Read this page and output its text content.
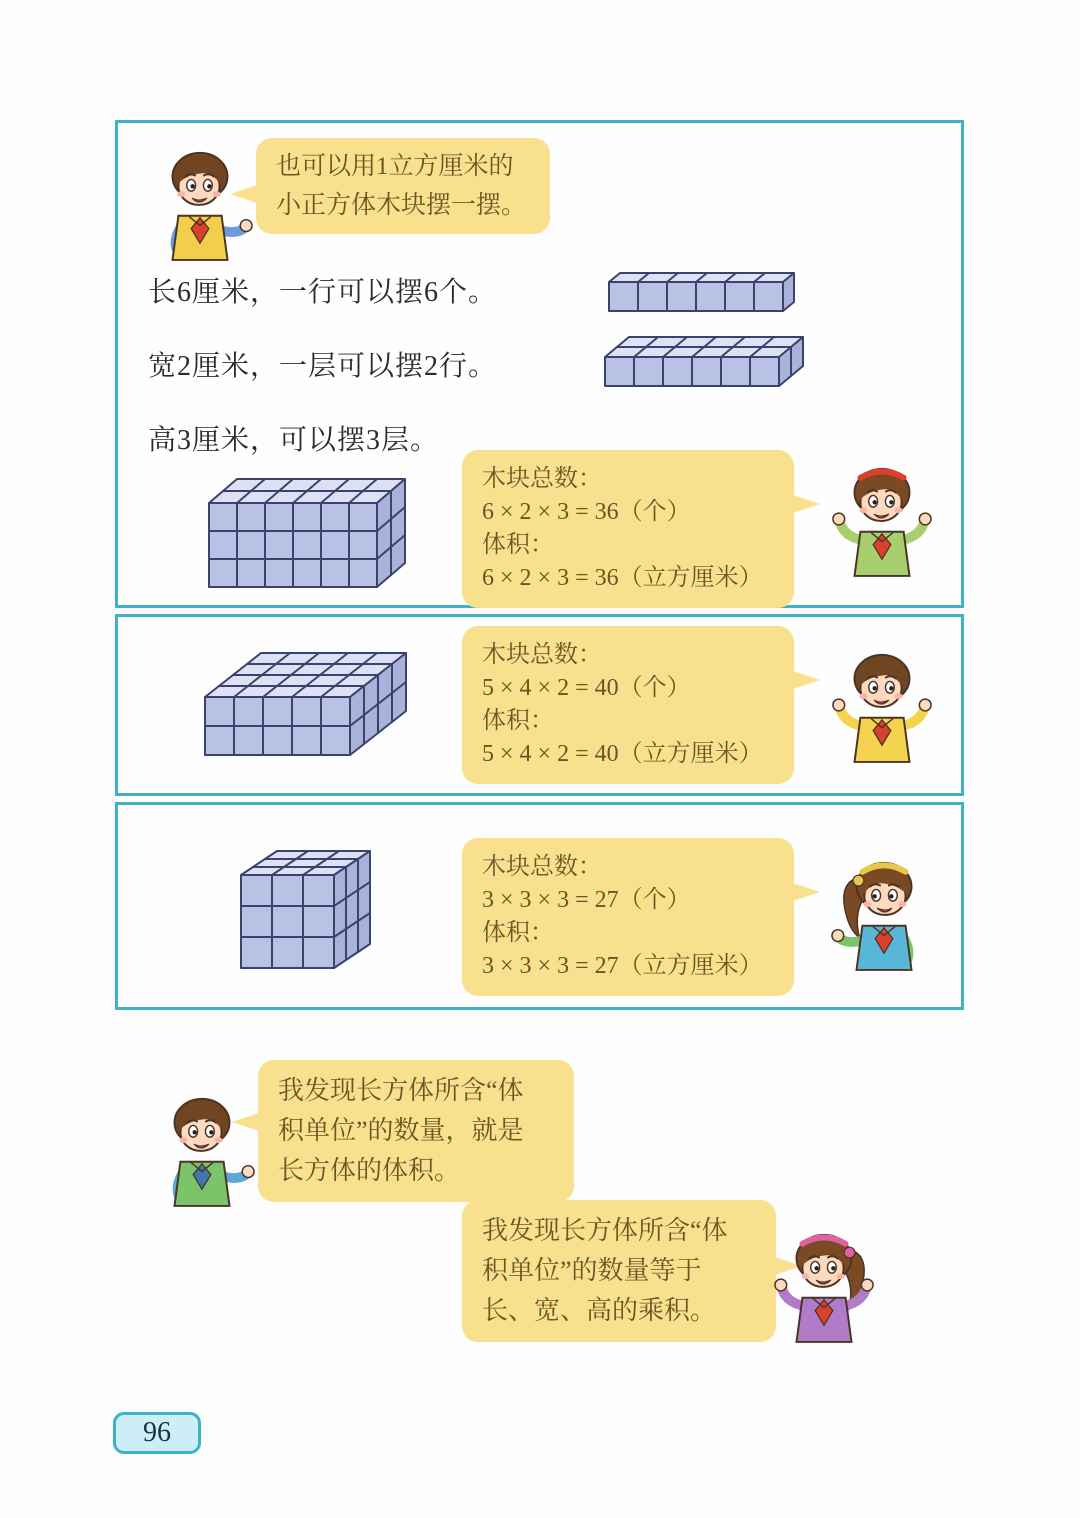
也可以用1立方厘米的
小正方体木块摆一摆。
长6厘米，一行可以摆6个。
宽2厘米，一层可以摆2行。
高3厘米，可以摆3层。
木块总数：
6 × 2 × 3 = 36（个）
体积：
6 × 2 × 3 = 36（立方厘米）
木块总数：
5 × 4 × 2 = 40（个）
体积：
5 × 4 × 2 = 40（立方厘米）
木块总数：
3 × 3 × 3 = 27（个）
体积：
3 × 3 × 3 = 27（立方厘米）
我发现长方体所含“体
积单位”的数量，就是
长方体的体积。
我发现长方体所含“体
积单位”的数量等于
长、宽、高的乘积。
96
